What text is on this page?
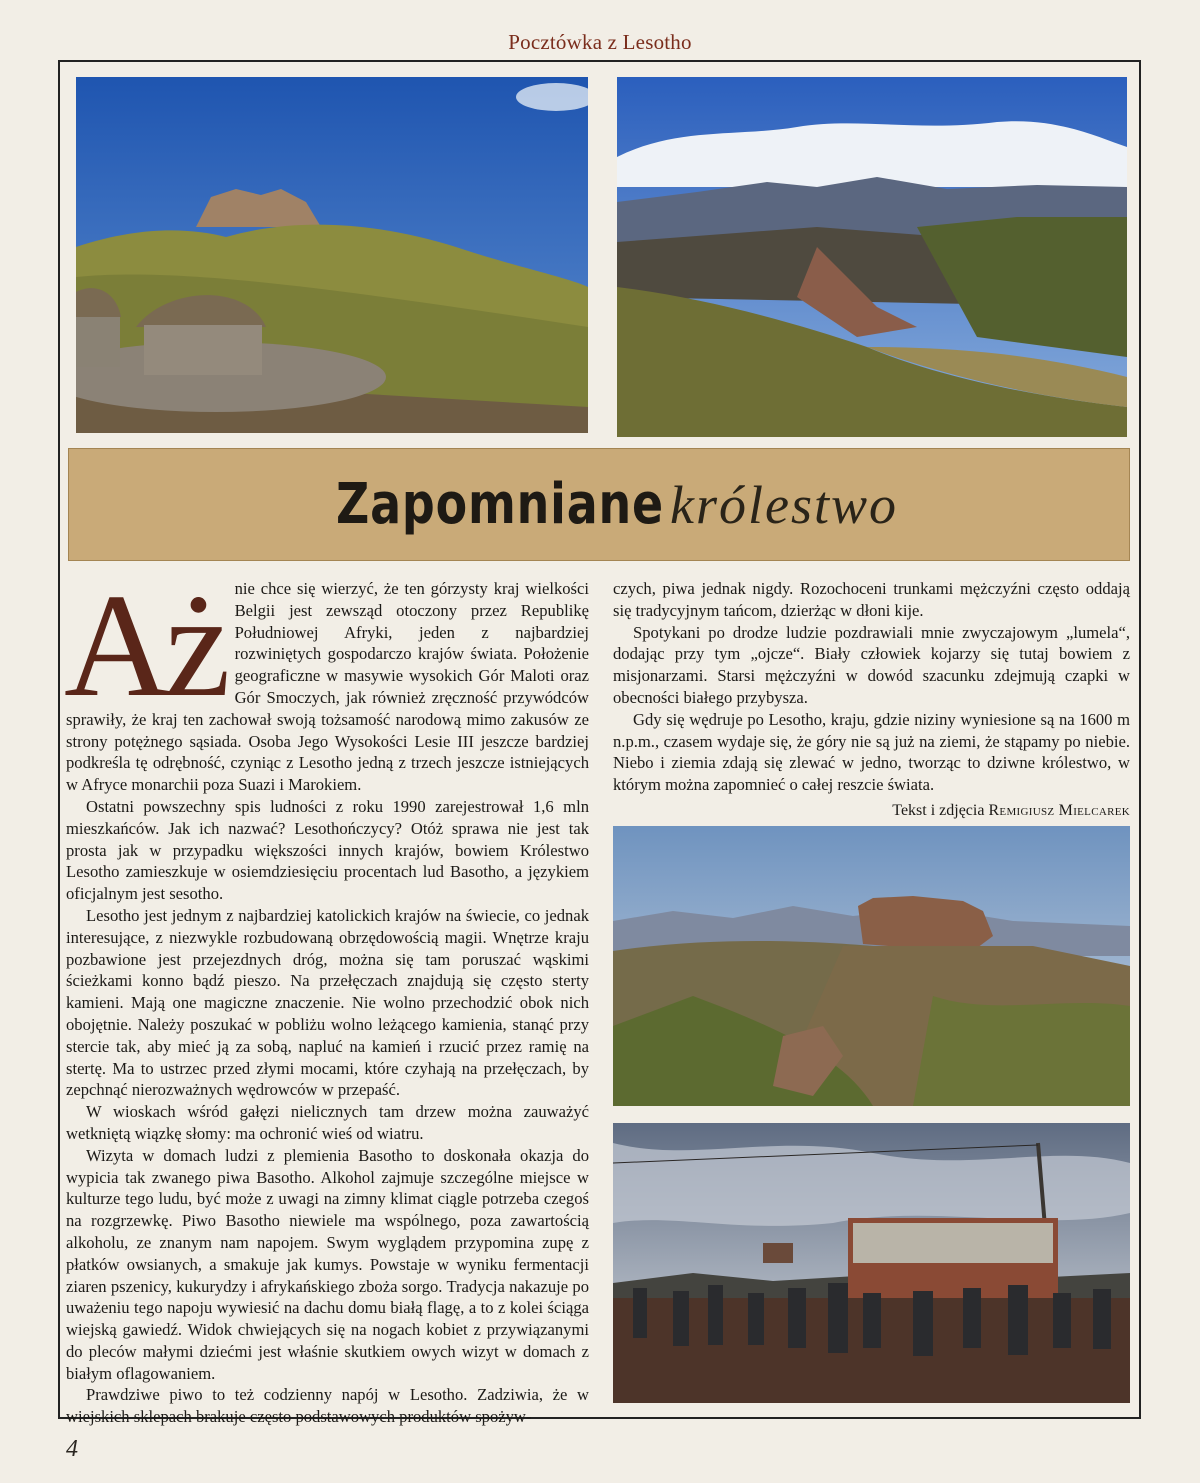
Pocztówka z Lesotho
Zapomniane królestwo
Aż nie chce się wierzyć, że ten górzysty kraj wielkości Belgii jest zewsząd otoczony przez Republikę Południowej Afryki, jeden z najbardziej rozwiniętych gospodarczo krajów świata. Położenie geograficzne w masywie wysokich Gór Maloti oraz Gór Smoczych, jak również zręczność przywódców sprawiły, że kraj ten zachował swoją tożsamość narodową mimo zakusów ze strony potężnego sąsiada. Osoba Jego Wysokości Lesie III jeszcze bardziej podkreśla tę odrębność, czyniąc z Lesotho jedną z trzech jeszcze istniejących w Afryce monarchii poza Suazi i Marokiem.

Ostatni powszechny spis ludności z roku 1990 zarejestrował 1,6 mln mieszkańców. Jak ich nazwać? Lesothończycy? Otóż sprawa nie jest tak prosta jak w przypadku większości innych krajów, bowiem Królestwo Lesotho zamieszkuje w osiemdziesięciu procentach lud Basotho, a językiem oficjalnym jest sesotho.

Lesotho jest jednym z najbardziej katolickich krajów na świecie, co jednak interesujące, z niezwykle rozbudowaną obrzędowością magii. Wnętrze kraju pozbawione jest przejezdnych dróg, można się tam poruszać wąskimi ścieżkami konno bądź pieszo. Na przełęczach znajdują się często sterty kamieni. Mają one magiczne znaczenie. Nie wolno przechodzić obok nich obojętnie. Należy poszukać w pobliżu wolno leżącego kamienia, stanąć przy stercie tak, aby mieć ją za sobą, napluć na kamień i rzucić przez ramię na stertę. Ma to ustrzec przed złymi mocami, które czyhają na przełęczach, by zepchnąć nierozważnych wędrowców w przepaść.

W wioskach wśród gałęzi nielicznych tam drzew można zauważyć wetkniętą wiązkę słomy: ma ochronić wieś od wiatru.

Wizyta w domach ludzi z plemienia Basotho to doskonała okazja do wypicia tak zwanego piwa Basotho. Alkohol zajmuje szczególne miejsce w kulturze tego ludu, być może z uwagi na zimny klimat ciągle potrzeba czegoś na rozgrzewkę. Piwo Basotho niewiele ma wspólnego, poza zawartością alkoholu, ze znanym nam napojem. Swym wyglądem przypomina zupę z płatków owsianych, a smakuje jak kumys. Powstaje w wyniku fermentacji ziaren pszenicy, kukurydzy i afrykańskiego zboża sorgo. Tradycja nakazuje po uważeniu tego napoju wywiesić na dachu domu białą flagę, a to z kolei ściąga wiejską gawiedź. Widok chwiejących się na nogach kobiet z przywiązanymi do pleców małymi dziećmi jest właśnie skutkiem owych wizyt w domach z białym oflagowaniem.

Prawdziwe piwo to też codzienny napój w Lesotho. Zadziwia, że w wiejskich sklepach brakuje często podstawowych produktów spożyw-

czych, piwa jednak nigdy. Rozochoceni trunkami mężczyźni często oddają się tradycyjnym tańcom, dzierżąc w dłoni kije.

Spotykani po drodze ludzie pozdrawiali mnie zwyczajowym „lumela“, dodając przy tym „ojcze“. Biały człowiek kojarzy się tutaj bowiem z misjonarzami. Starsi mężczyźni w dowód szacunku zdejmują czapki w obecności białego przybysza.

Gdy się wędruje po Lesotho, kraju, gdzie niziny wyniesione są na 1600 m n.p.m., czasem wydaje się, że góry nie są już na ziemi, że stąpamy po niebie. Niebo i ziemia zdają się zlewać w jedno, tworząc to dziwne królestwo, w którym można zapomnieć o całej reszcie świata.

Tekst i zdjęcia Remigiusz Mielcarek
4
